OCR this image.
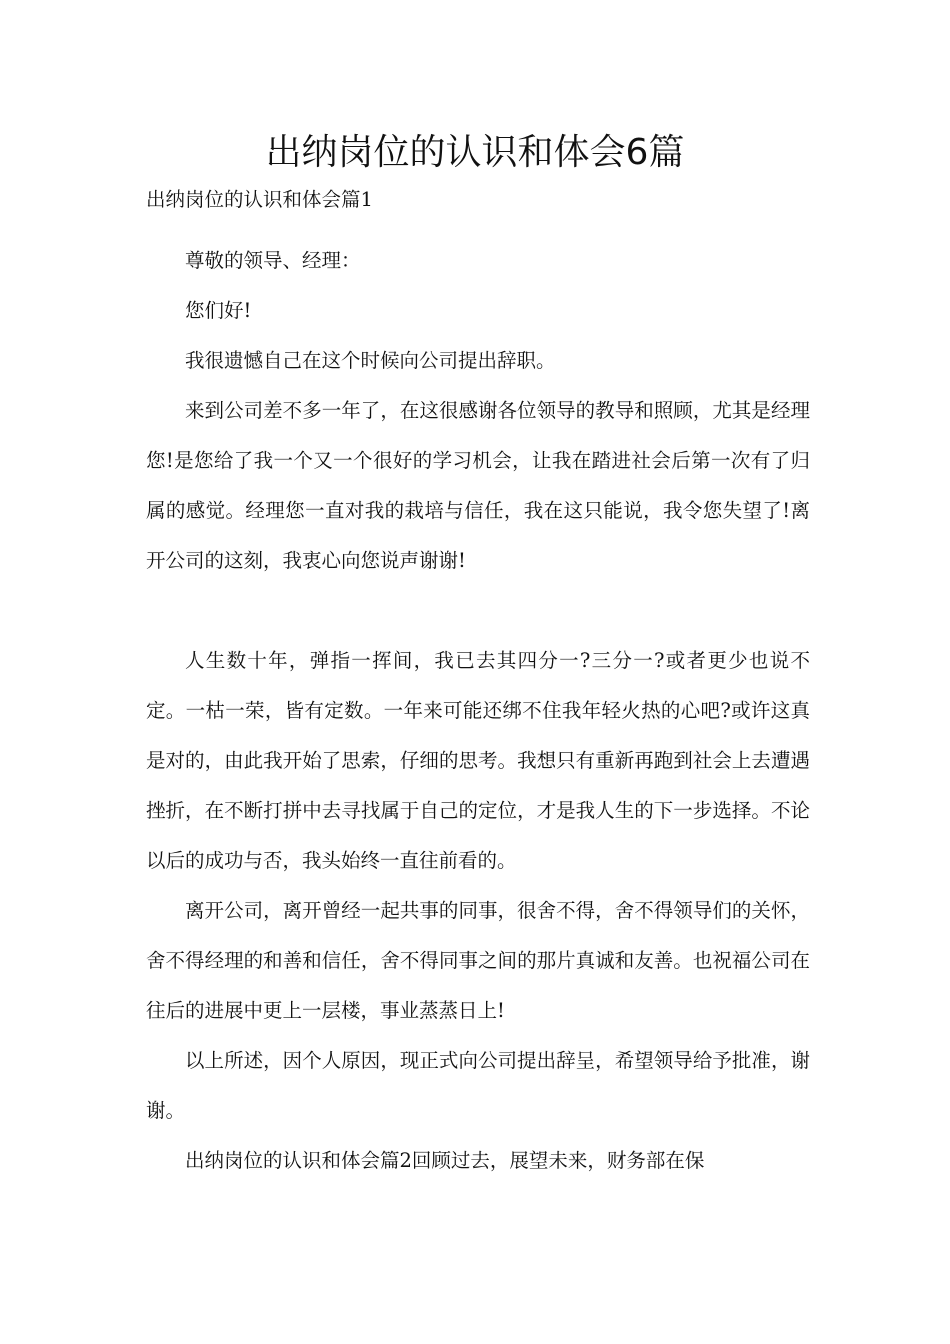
出纳岗位的认识和体会6篇

出纳岗位的认识和体会篇1

尊敬的领导、经理：

您们好!

我很遗憾自己在这个时候向公司提出辞职。

来到公司差不多一年了，在这很感谢各位领导的教导和照顾，尤其是经理您!是您给了我一个又一个很好的学习机会，让我在踏进社会后第一次有了归属的感觉。经理您一直对我的栽培与信任，我在这只能说，我令您失望了!离开公司的这刻，我衷心向您说声谢谢!

人生数十年，弹指一挥间，我已去其四分一?三分一?或者更少也说不定。一枯一荣，皆有定数。一年来可能还绑不住我年轻火热的心吧?或许这真是对的，由此我开始了思索，仔细的思考。我想只有重新再跑到社会上去遭遇挫折，在不断打拼中去寻找属于自己的定位，才是我人生的下一步选择。不论以后的成功与否，我头始终一直往前看的。

离开公司，离开曾经一起共事的同事，很舍不得，舍不得领导们的关怀，舍不得经理的和善和信任，舍不得同事之间的那片真诚和友善。也祝福公司在往后的进展中更上一层楼，事业蒸蒸日上!

以上所述，因个人原因，现正式向公司提出辞呈，希望领导给予批准，谢谢。

出纳岗位的认识和体会篇2回顾过去，展望未来，财务部在保
